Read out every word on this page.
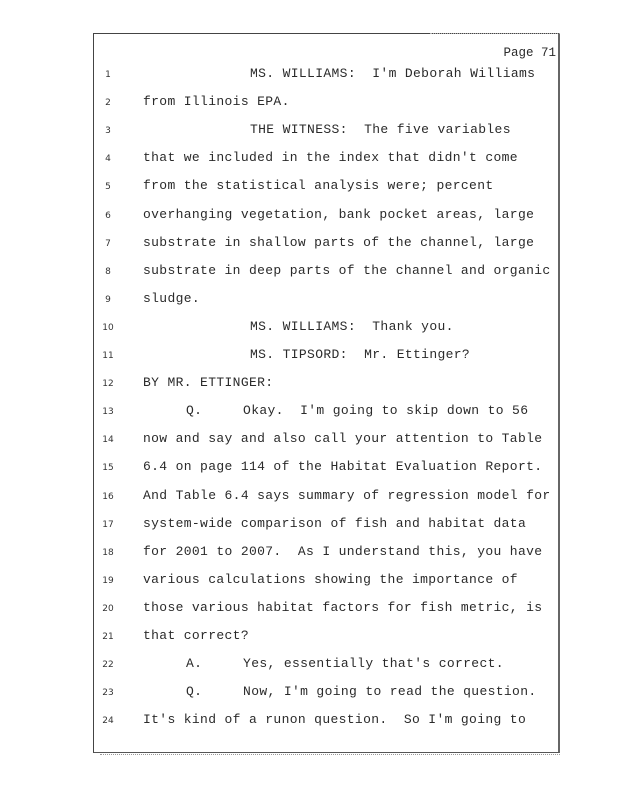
Page 71
1	MS. WILLIAMS:  I'm Deborah Williams
2	from Illinois EPA.
3	THE WITNESS:  The five variables
4	that we included in the index that didn't come
5	from the statistical analysis were; percent
6	overhanging vegetation, bank pocket areas, large
7	substrate in shallow parts of the channel, large
8	substrate in deep parts of the channel and organic
9	sludge.
10	MS. WILLIAMS:  Thank you.
11	MS. TIPSORD:  Mr. Ettinger?
12	BY MR. ETTINGER:
13	Q.     Okay.  I'm going to skip down to 56
14	now and say and also call your attention to Table
15	6.4 on page 114 of the Habitat Evaluation Report.
16	And Table 6.4 says summary of regression model for
17	system-wide comparison of fish and habitat data
18	for 2001 to 2007.  As I understand this, you have
19	various calculations showing the importance of
20	those various habitat factors for fish metric, is
21	that correct?
22	A.     Yes, essentially that's correct.
23	Q.     Now, I'm going to read the question.
24	It's kind of a runon question.  So I'm going to
